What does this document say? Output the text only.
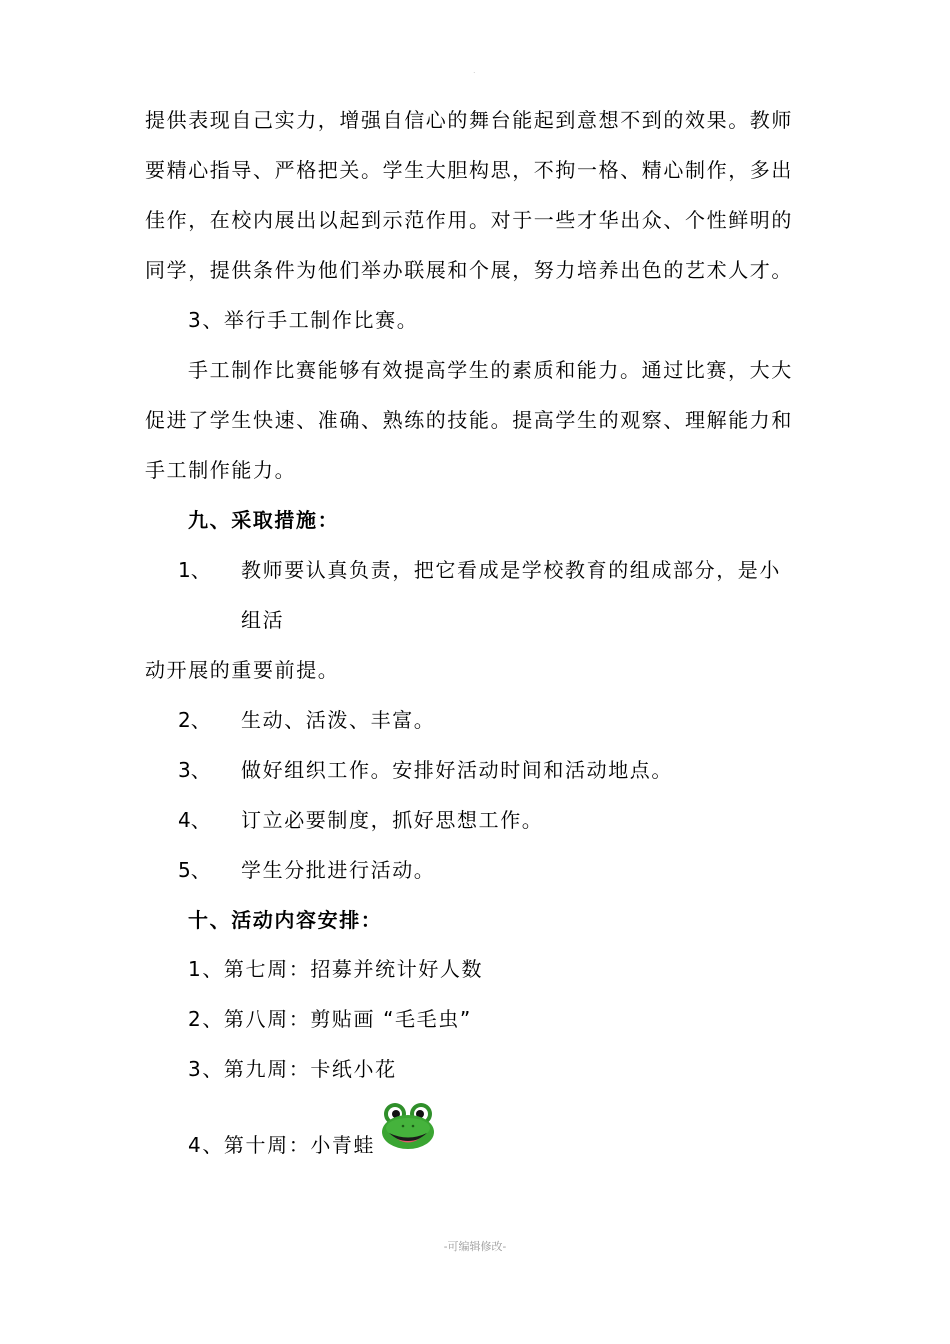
.
提供表现自己实力，增强自信心的舞台能起到意想不到的效果。教师
要精心指导、严格把关。学生大胆构思，不拘一格、精心制作，多出
佳作，在校内展出以起到示范作用。对于一些才华出众、个性鲜明的
同学，提供条件为他们举办联展和个展，努力培养出色的艺术人才。
3、举行手工制作比赛。
手工制作比赛能够有效提高学生的素质和能力。通过比赛，大大
促进了学生快速、准确、熟练的技能。提高学生的观察、理解能力和
手工制作能力。
九、采取措施：
1、 教师要认真负责，把它看成是学校教育的组成部分，是小
组活
动开展的重要前提。
2、 生动、活泼、丰富。
3、 做好组织工作。安排好活动时间和活动地点。
4、 订立必要制度，抓好思想工作。
5、 学生分批进行活动。
十、活动内容安排：
1、第七周：招募并统计好人数
2、第八周：剪贴画 “毛毛虫”
3、第九周：卡纸小花
4、第十周：小青蛙
-可编辑修改-
